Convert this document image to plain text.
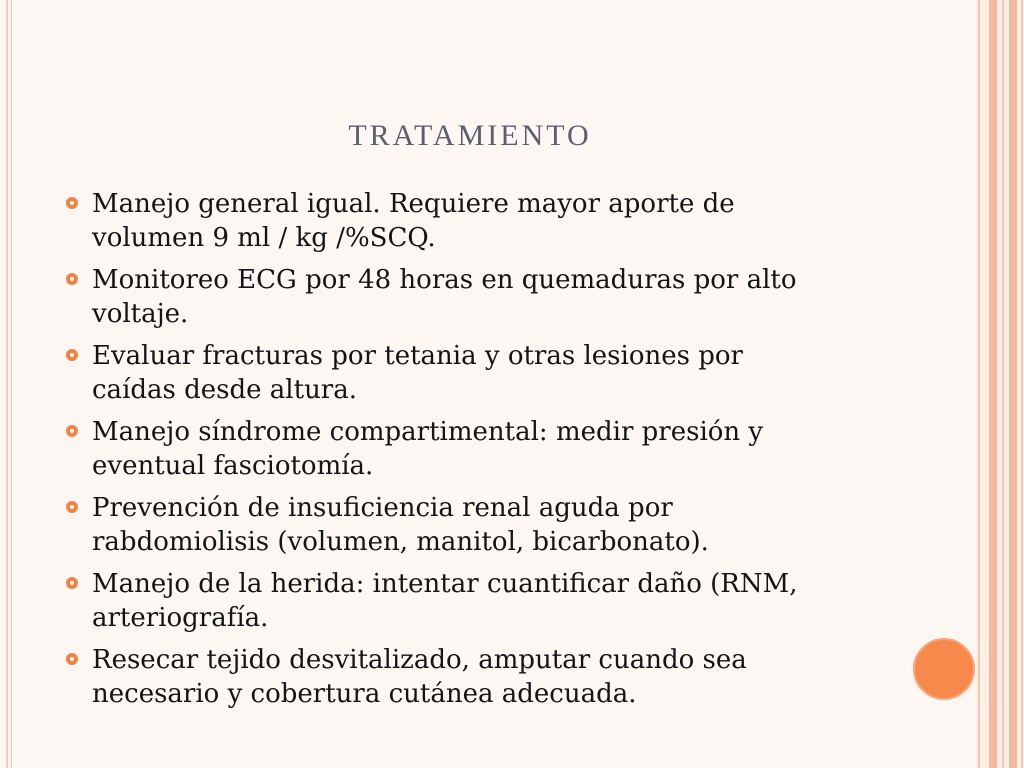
TRATAMIENTO
Manejo general igual. Requiere mayor aporte de
volumen 9 ml / kg /%SCQ.
Monitoreo ECG por 48 horas en quemaduras por alto
voltaje.
Evaluar fracturas por tetania y otras lesiones por
caídas desde altura.
Manejo síndrome compartimental: medir presión y
eventual fasciotomía.
Prevención de insuficiencia renal aguda por
rabdomiolisis (volumen, manitol, bicarbonato).
Manejo de la herida: intentar cuantificar daño (RNM,
arteriografía.
Resecar tejido desvitalizado, amputar cuando sea
necesario y cobertura cutánea adecuada.
